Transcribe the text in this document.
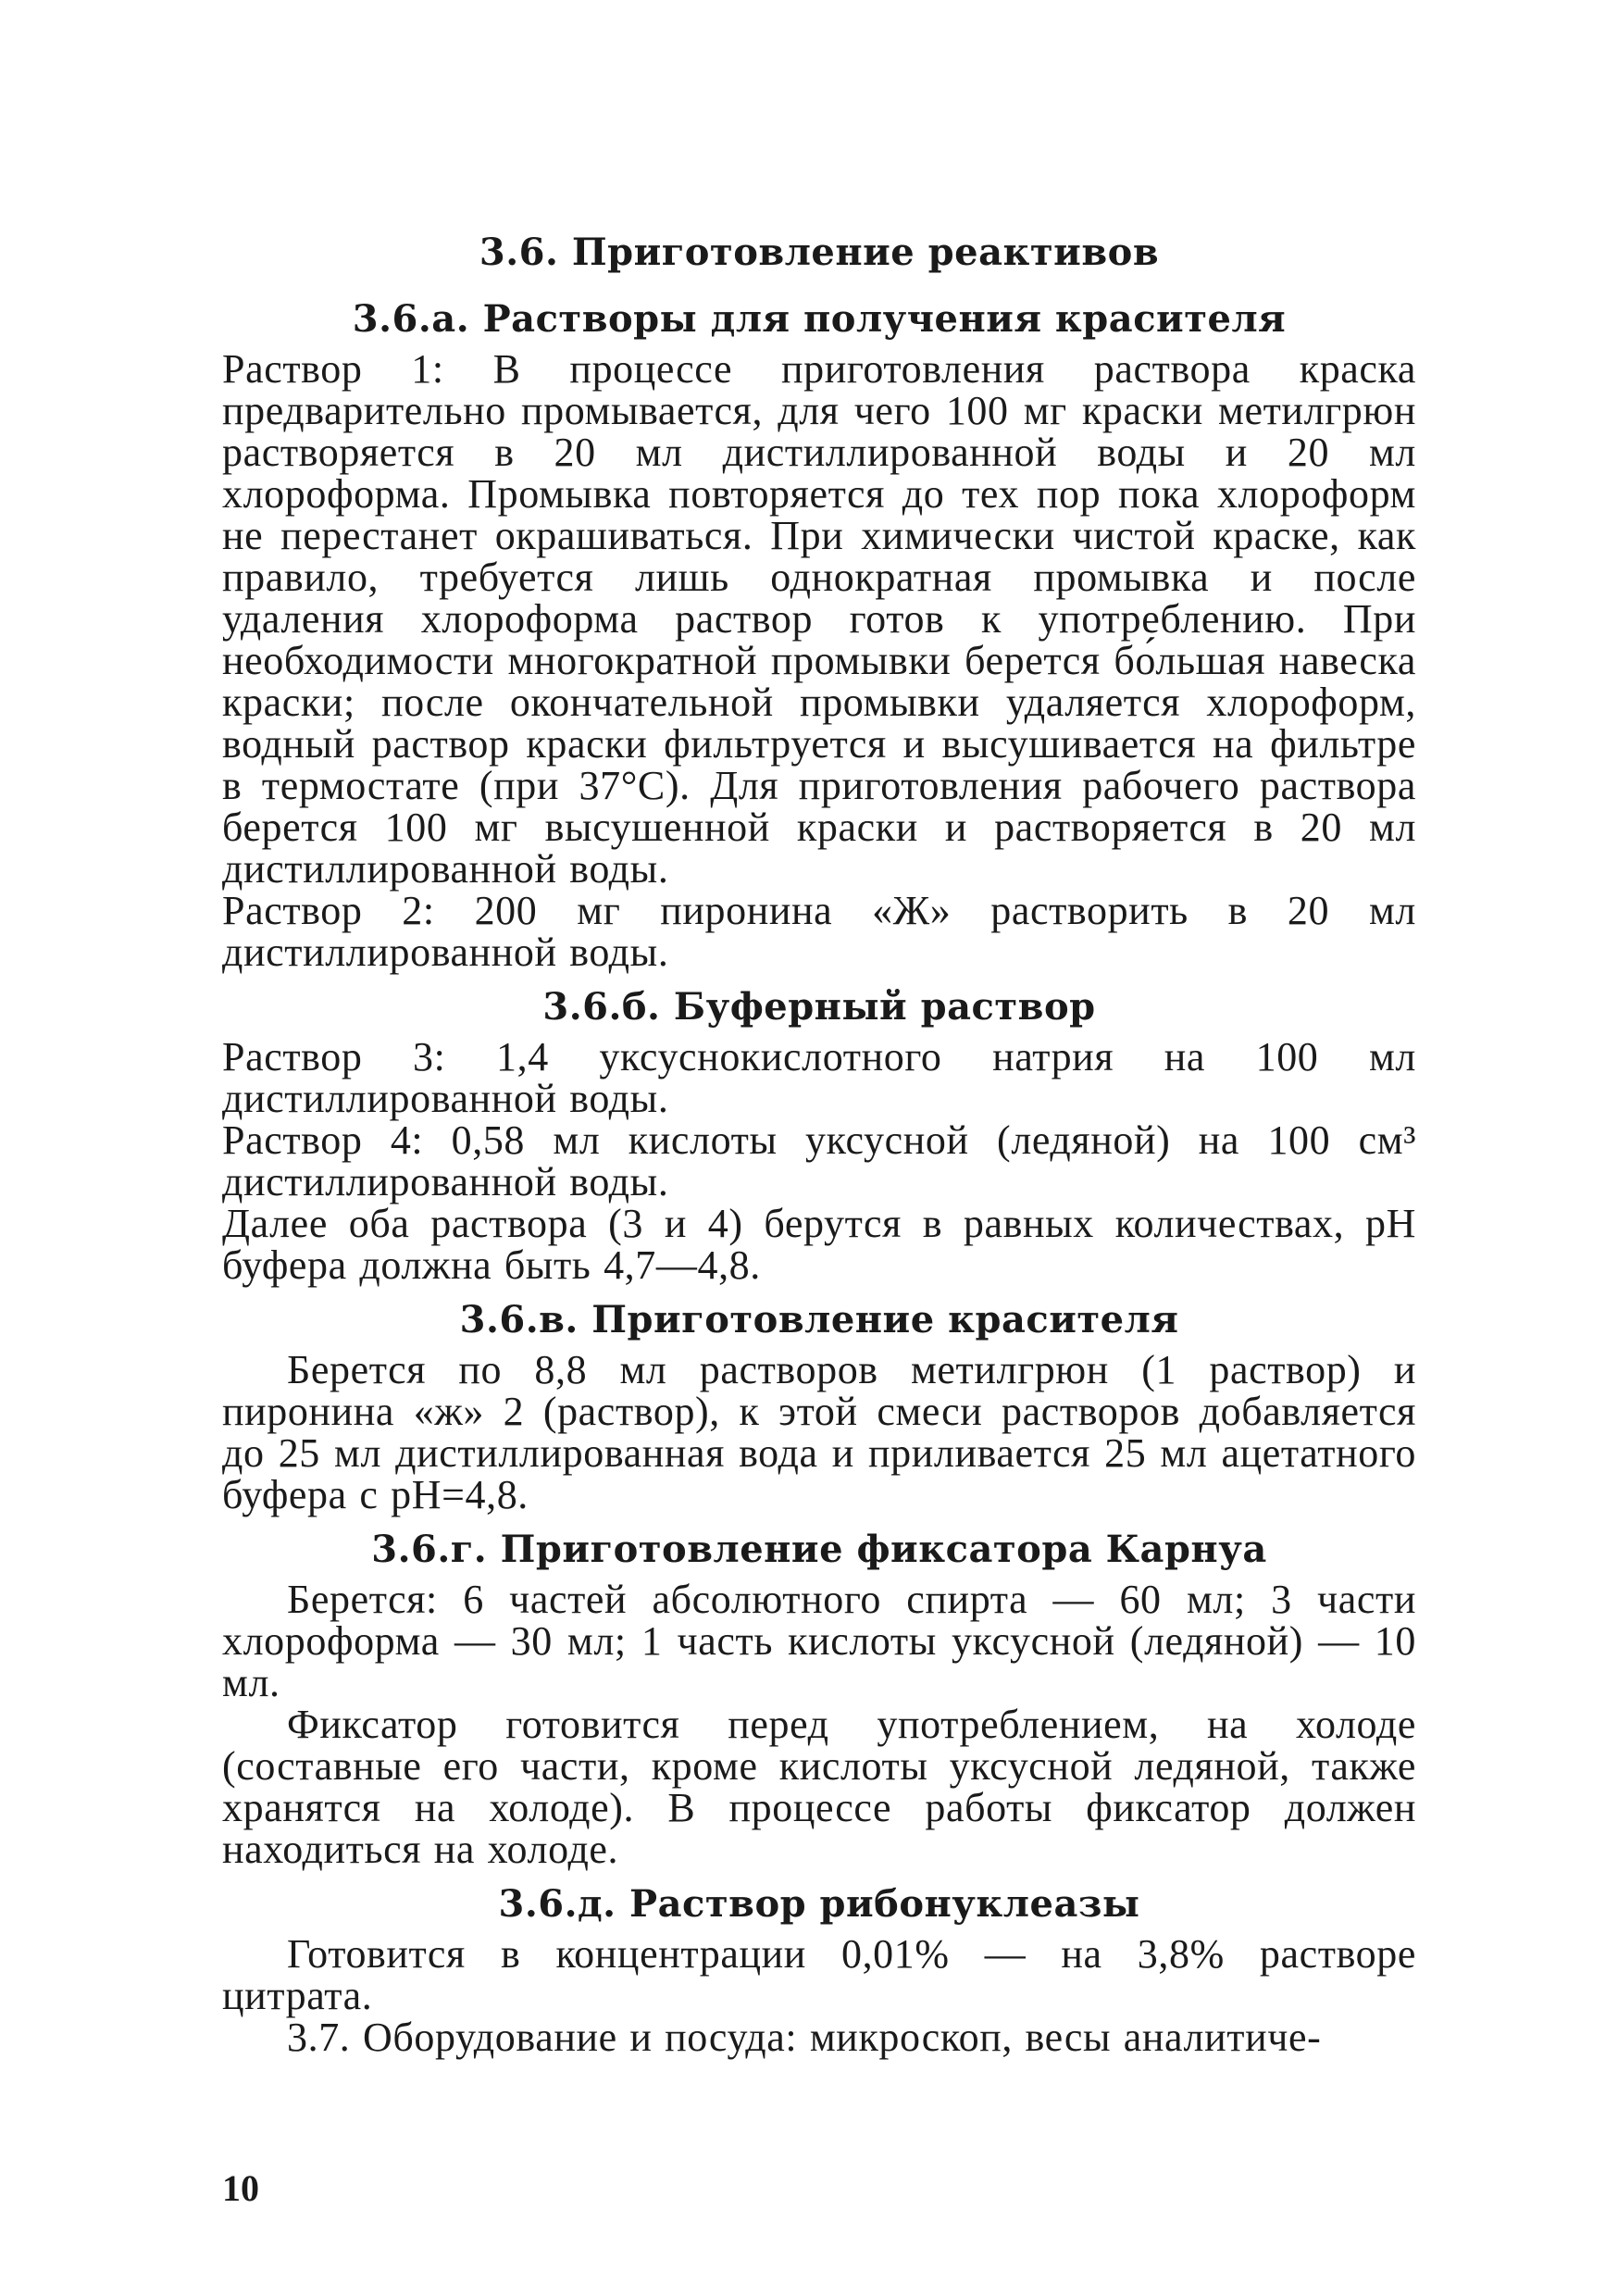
3.6. Приготовление реактивов
3.6.а. Растворы для получения красителя

Раствор 1: В процессе приготовления раствора краска предварительно промывается, для чего 100 мг краски метилгрюн растворяется в 20 мл дистиллированной воды и 20 мл хлороформа. Промывка повторяется до тех пор пока хлороформ не перестанет окрашиваться. При химически чистой краске, как правило, требуется лишь однократная промывка и после удаления хлороформа раствор готов к употреблению. При необходимости многократной промывки берется бо́льшая навеска краски; после окончательной промывки удаляется хлороформ, водный раствор краски фильтруется и высушивается на фильтре в термостате (при 37°С). Для приготовления рабочего раствора берется 100 мг высушенной краски и растворяется в 20 мл дистиллированной воды.

Раствор 2: 200 мг пиронина «Ж» растворить в 20 мл дистиллированной воды.

3.6.б. Буферный раствор

Раствор 3: 1,4 уксуснокислотного натрия на 100 мл дистиллированной воды.

Раствор 4: 0,58 мл кислоты уксусной (ледяной) на 100 см³ дистиллированной воды.

Далее оба раствора (3 и 4) берутся в равных количествах, pH буфера должна быть 4,7—4,8.

3.6.в. Приготовление красителя

Берется по 8,8 мл растворов метилгрюн (1 раствор) и пиронина «ж» 2 (раствор), к этой смеси растворов добавляется до 25 мл дистиллированная вода и приливается 25 мл ацетатного буфера с pH=4,8.

3.6.г. Приготовление фиксатора Карнуа

Берется: 6 частей абсолютного спирта — 60 мл; 3 части хлороформа — 30 мл; 1 часть кислоты уксусной (ледяной) — 10 мл.

Фиксатор готовится перед употреблением, на холоде (составные его части, кроме кислоты уксусной ледяной, также хранятся на холоде). В процессе работы фиксатор должен находиться на холоде.

3.6.д. Раствор рибонуклеазы

Готовится в концентрации 0,01% — на 3,8% растворе цитрата.

3.7. Оборудование и посуда: микроскоп, весы аналитиче-

10
